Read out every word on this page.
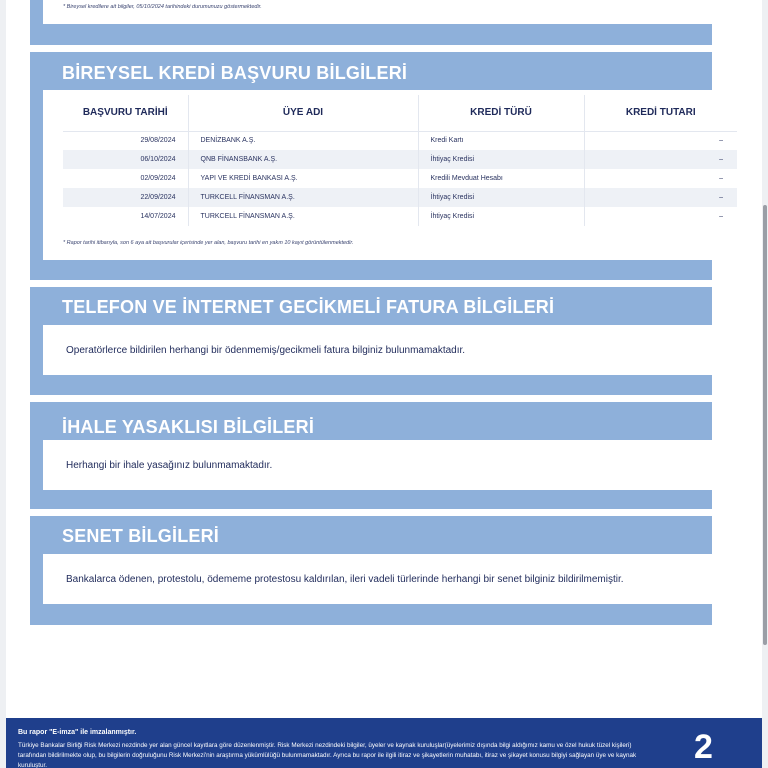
* Bireysel kredilere ait bilgiler, 05/10/2024 tarihindeki durumunuzu göstermektedir.
BİREYSEL KREDİ BAŞVURU BİLGİLERİ
BAŞVURU TARİHİ	ÜYE ADI	KREDİ TÜRÜ	KREDİ TUTARI
29/08/2024	DENİZBANK A.Ş.	Kredi Kartı	–
06/10/2024	QNB FİNANSBANK A.Ş.	İhtiyaç Kredisi	–
02/09/2024	YAPI VE KREDİ BANKASI A.Ş.	Kredili Mevduat Hesabı	–
22/09/2024	TURKCELL FİNANSMAN A.Ş.	İhtiyaç Kredisi	–
14/07/2024	TURKCELL FİNANSMAN A.Ş.	İhtiyaç Kredisi	–
* Rapor tarihi itibarıyla, son 6 aya ait başvurular içerisinde yer alan, başvuru tarihi en yakın 10 kayıt görüntülenmektedir.
TELEFON VE İNTERNET GECİKMELİ FATURA BİLGİLERİ
Operatörlerce bildirilen herhangi bir ödenmemiş/gecikmeli fatura bilginiz bulunmamaktadır.
İHALE YASAKLISI BİLGİLERİ
Herhangi bir ihale yasağınız bulunmamaktadır.
SENET BİLGİLERİ
Bankalarca ödenen, protestolu, ödememe protestosu kaldırılan, ileri vadeli türlerinde herhangi bir senet bilginiz bildirilmemiştir.
Bu rapor "E-imza" ile imzalanmıştır.
Türkiye Bankalar Birliği Risk Merkezi nezdinde yer alan güncel kayıtlara göre düzenlenmiştir. Risk Merkezi nezdindeki bilgiler, üyeler ve kaynak kuruluşlar(üyelerimiz dışında bilgi aldığımız kamu ve özel hukuk tüzel kişileri) tarafından bildirilmekte olup, bu bilgilerin doğruluğunu Risk Merkezi'nin araştırma yükümlülüğü bulunmamaktadır. Ayrıca bu rapor ile ilgili itiraz ve şikayetlerin muhatabı, itiraz ve şikayet konusu bilgiyi sağlayan üye ve kaynak kuruluştur.	2
